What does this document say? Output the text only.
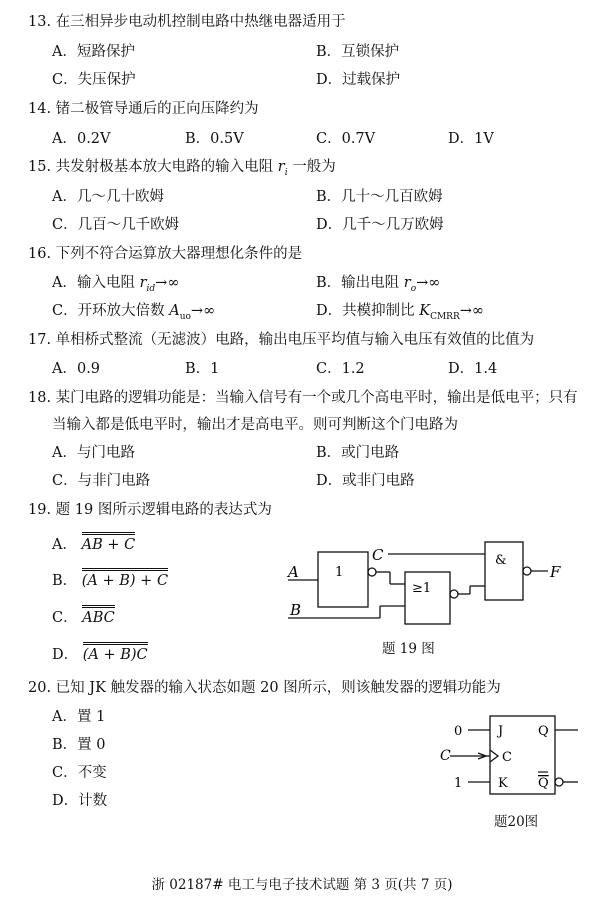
13. 在三相异步电动机控制电路中热继电器适用于
A．短路保护	B．互锁保护
C．失压保护	D．过载保护
14. 锗二极管导通后的正向压降约为
A．0.2V	B．0.5V	C．0.7V	D．1V
15. 共发射极基本放大电路的输入电阻 $r_i$ 一般为
A．几～几十欧姆	B．几十～几百欧姆
C．几百～几千欧姆	D．几千～几万欧姆
16. 下列不符合运算放大器理想化条件的是
A．输入电阻 $r_{id}\to\infty$	B．输出电阻 $r_o\to\infty$
C．开环放大倍数 $A_{uo}\to\infty$	D．共模抑制比 $K_{CMRR}\to\infty$
17. 单相桥式整流（无滤波）电路，输出电压平均值与输入电压有效值的比值为
A．0.9	B．1	C．1.2	D．1.4
18. 某门电路的逻辑功能是：当输入信号有一个或几个高电平时，输出是低电平；只有
当输入都是低电平时，输出才是高电平。则可判断这个门电路为
A．与门电路	B．或门电路
C．与非门电路	D．或非门电路
19. 题 19 图所示逻辑电路的表达式为
A． AB + C
B． (A + B) + C
C． ABC
D． (A + B)C
1
≥1
&
A
B
C
F
题 19 图
20. 已知 JK 触发器的输入状态如题 20 图所示，则该触发器的逻辑功能为
A．置 1
B．置 0
C．不变
D．计数
J
C
K
Q
Q
0
C
1
题20图
浙 02187# 电工与电子技术试题 第 3 页(共 7 页)
